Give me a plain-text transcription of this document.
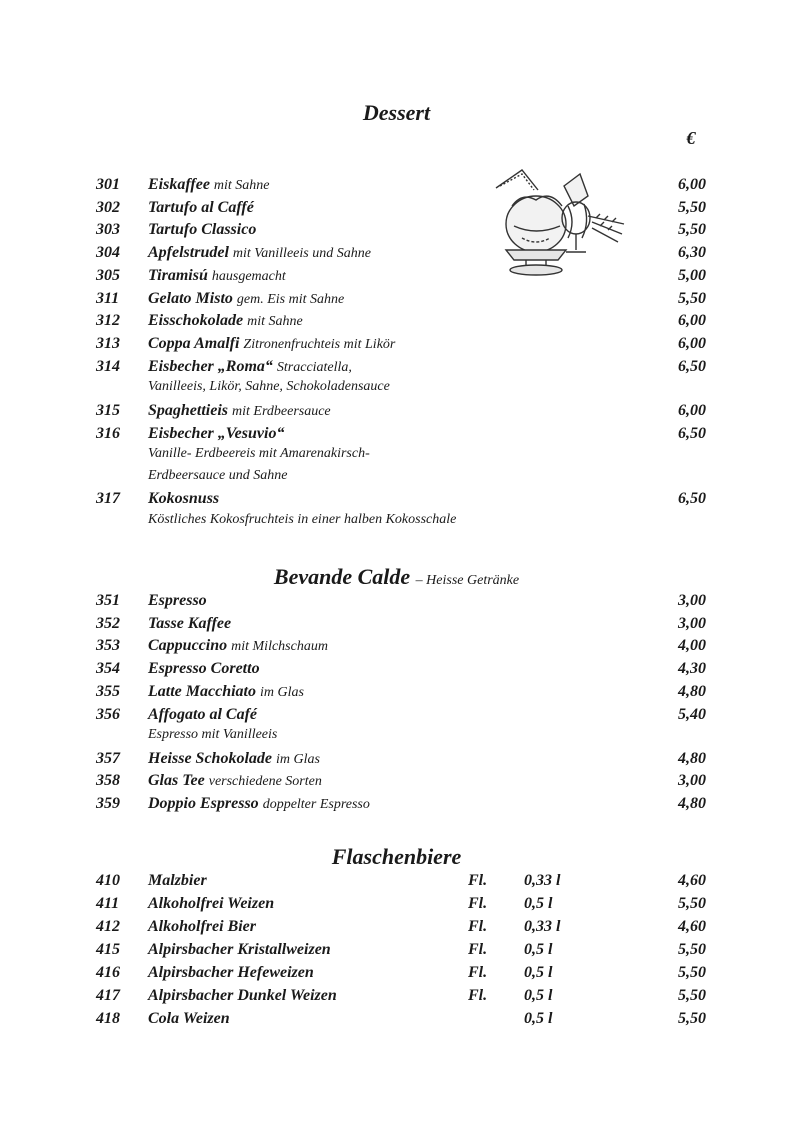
Dessert
€
301 Eiskaffee mit Sahne	6,00
302 Tartufo al Caffé	5,50
303 Tartufo Classico	5,50
304 Apfelstrudel mit Vanilleeis und Sahne	6,30
305 Tiramisú hausgemacht	5,00
311 Gelato Misto gem. Eis mit Sahne	5,50
312 Eisschokolade mit Sahne	6,00
313 Coppa Amalfi Zitronenfruchteis mit Likör	6,00
314 Eisbecher „Roma“ Stracciatella,	6,50
Vanilleeis, Likör, Sahne, Schokoladensauce
315 Spaghettieis mit Erdbeersauce	6,00
316 Eisbecher „Vesuvio“	6,50
Vanille- Erdbeereis mit Amarenakirsch-
Erdbeersauce und Sahne
317 Kokosnuss	6,50
Köstliches Kokosfruchteis in einer halben Kokosschale
Bevande Calde – Heisse Getränke
351 Espresso	3,00
352 Tasse Kaffee	3,00
353 Cappuccino mit Milchschaum	4,00
354 Espresso Coretto	4,30
355 Latte Macchiato im Glas	4,80
356 Affogato al Café	5,40
Espresso mit Vanilleeis
357 Heisse Schokolade im Glas	4,80
358 Glas Tee verschiedene Sorten	3,00
359 Doppio Espresso doppelter Espresso	4,80
Flaschenbiere
410 Malzbier	Fl. 0,33 l	4,60
411 Alkoholfrei Weizen	Fl. 0,5 l	5,50
412 Alkoholfrei Bier	Fl. 0,33 l	4,60
415 Alpirsbacher Kristallweizen	Fl. 0,5 l	5,50
416 Alpirsbacher Hefeweizen	Fl. 0,5 l	5,50
417 Alpirsbacher Dunkel Weizen	Fl. 0,5 l	5,50
418 Cola Weizen	0,5 l	5,50
